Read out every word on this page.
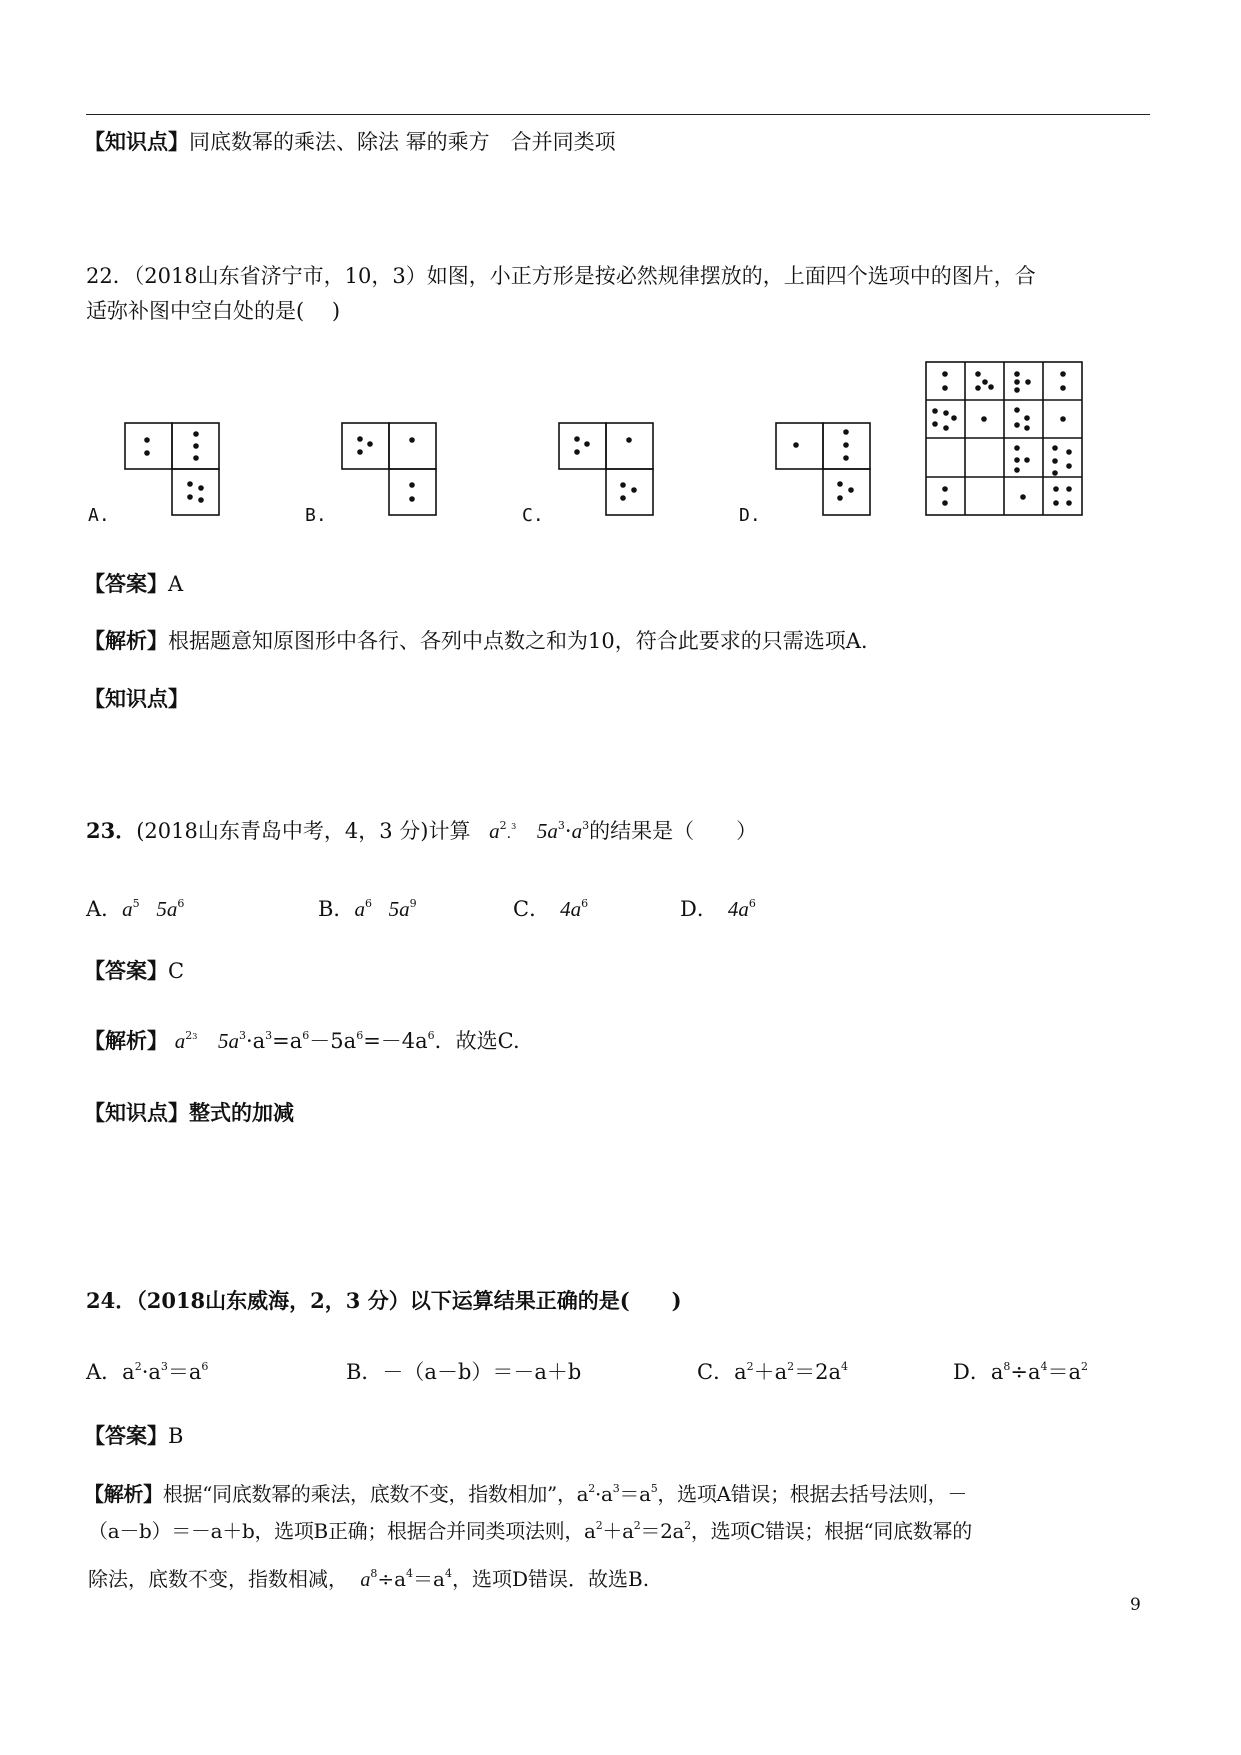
【知识点】同底数幂的乘法、除法 幂的乘方　合并同类项
22．（2018山东省济宁市，10，3）如图，小正方形是按必然规律摆放的，上面四个选项中的图片，合
适弥补图中空白处的是(　 )
A.	B.	C.	D.
【答案】A
【解析】根据题意知原图形中各行、各列中点数之和为10，符合此要求的只需选项A.
【知识点】
23．(2018山东青岛中考，4，3 分)计算 $a^2.^3$ $5a^3\cdot a^3$的结果是（　　）
A．$a^5$ $5a^6$	B．$a^6$ $5a^9$	C． $4a^6$	D． $4a^6$
【答案】C
【解析】 $a^{23}$ $5a^3\cdot a^3=a^6-5a^6=-4a^6$．故选C.
【知识点】整式的加减
24．（2018山东威海，2，3 分）以下运算结果正确的是(　　)
A．$a^2\cdot a^3=a^6$	B．－（a－b）＝－a＋b	C．$a^2+a^2=2a^4$	D．$a^8\div a^4=a^2$
【答案】B
【解析】根据“同底数幂的乘法，底数不变，指数相加”，$a^2\cdot a^3=a^5$，选项A错误；根据去括号法则，－
（a－b）＝－a＋b，选项B正确；根据合并同类项法则，$a^2+a^2=2a^2$，选项C错误；根据“同底数幂的
除法，底数不变，指数相减， $a^8\div a^4=a^4$，选项D错误．故选B.
9
